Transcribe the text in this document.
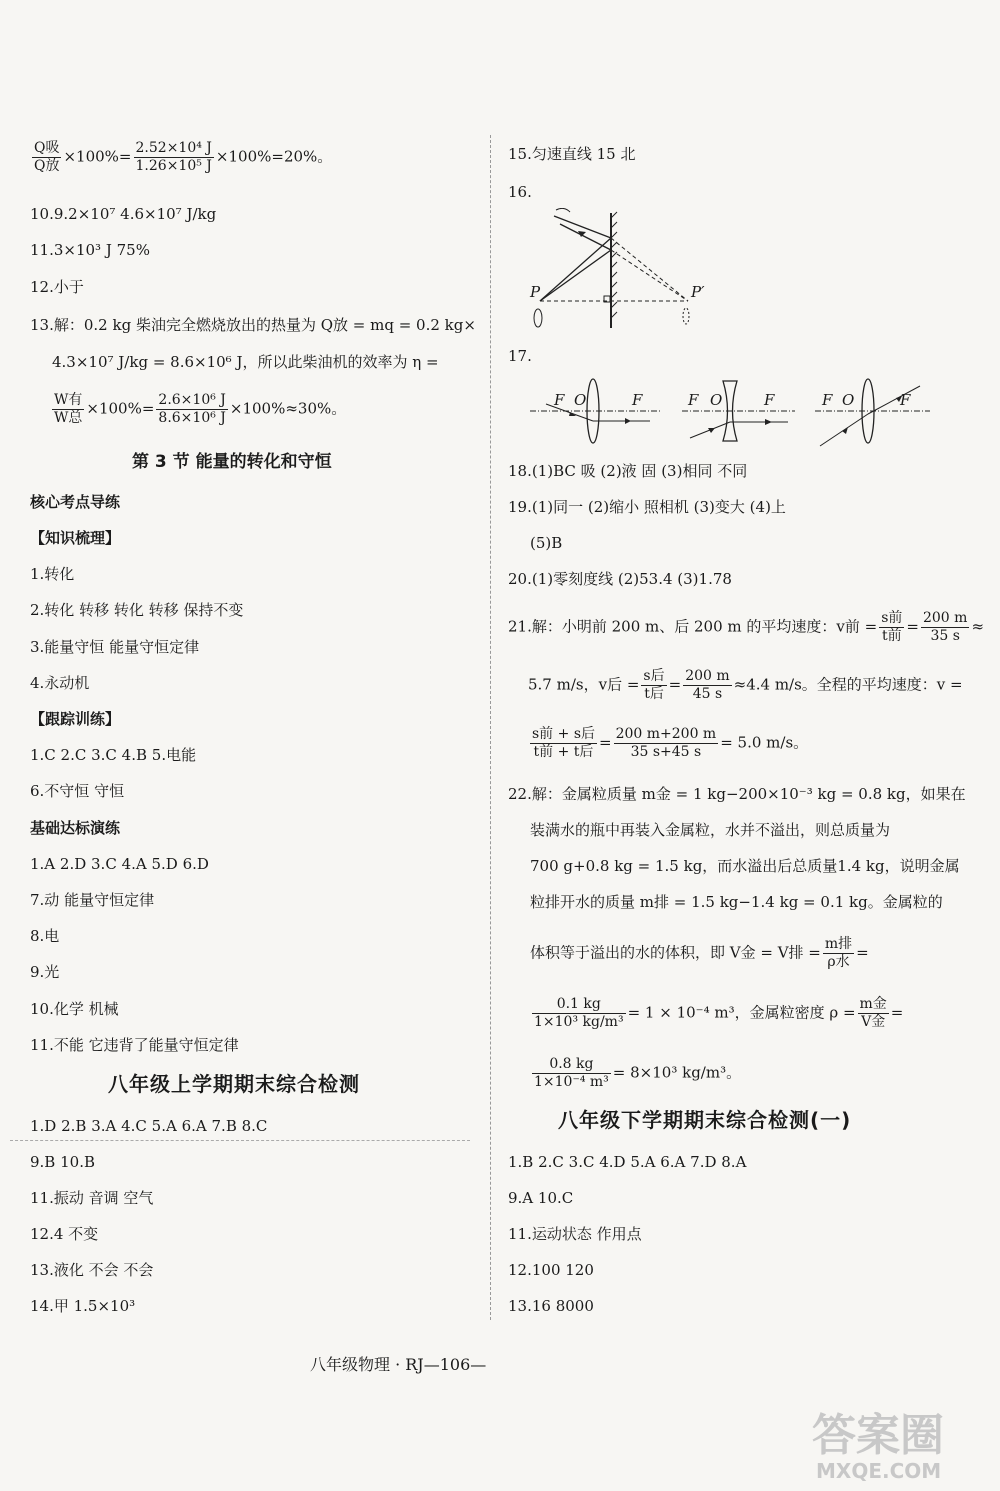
$\frac{\text{Q吸}}{\text{Q放}} \times 100\%= \frac{\text{2.52×10⁴ J}}{\text{1.26×10⁵ J}} \times 100\%=20\%$。
10.9.2×10⁷ 4.6×10⁷ J/kg
11.3×10³ J 75%
12.小于
13.解：0.2 kg 柴油完全燃烧放出的热量为 Q放 = mq = 0.2 kg×
4.3×10⁷ J/kg = 8.6×10⁶ J，所以此柴油机的效率为 η =
$\frac{\text{W有}}{\text{W总}} \times 100\%= \frac{\text{2.6×10⁶ J}}{\text{8.6×10⁶ J}} \times 100\%\approx 30\%$。
第 3 节 能量的转化和守恒
核心考点导练
【知识梳理】
1.转化
2.转化 转移 转化 转移 保持不变
3.能量守恒 能量守恒定律
4.永动机
【跟踪训练】
1.C 2.C 3.C 4.B 5.电能
6.不守恒 守恒
基础达标演练
1.A 2.D 3.C 4.A 5.D 6.D
7.动 能量守恒定律
8.电
9.光
10.化学 机械
11.不能 它违背了能量守恒定律
八年级上学期期末综合检测
1.D 2.B 3.A 4.C 5.A 6.A 7.B 8.C
9.B 10.B
11.振动 音调 空气
12.4 不变
13.液化 不会 不会
14.甲 1.5×10³
15.匀速直线 15 北
16.
P	P′
17.
F O	F	F O	F	F O	F
18.(1)BC 吸 (2)液 固 (3)相同 不同
19.(1)同一 (2)缩小 照相机 (3)变大 (4)上
(5)B
20.(1)零刻度线 (2)53.4 (3)1.78
21.解：小明前 200 m、后 200 m 的平均速度：v前 = $\frac{\text{s前}}{\text{t前}} = \frac{200 m}{35 s}$ ≈
5.7 m/s，v后 = $\frac{\text{s后}}{\text{t后}} = \frac{200 m}{45 s} \approx 4.4$ m/s。全程的平均速度：v =
$\frac{\text{s前 + s后}}{\text{t前 + t后}} = \frac{200 m+200 m}{35 s+45 s} = 5.0$ m/s。
22.解：金属粒质量 m金 = 1 kg−200×10⁻³ kg = 0.8 kg，如果在
装满水的瓶中再装入金属粒，水并不溢出，则总质量为
700 g+0.8 kg = 1.5 kg，而水溢出后总质量1.4 kg，说明金属
粒排开水的质量 m排 = 1.5 kg−1.4 kg = 0.1 kg。金属粒的
体积等于溢出的水的体积，即 V金 = V排 = $\frac{\text{m排}}{\text{ρ水}}$ =
$\frac{0.1 kg}{\text{1×10³ kg/m³}} = 1 \times 10^{-4}$ m³，金属粒密度 $\rho = \frac{\text{m金}}{\text{V金}}$ =
$\frac{0.8 kg}{\text{1×10⁻⁴ m³}} = 8\times 10^3$ kg/m³。
八年级下学期期末综合检测(一)
1.B 2.C 3.C 4.D 5.A 6.A 7.D 8.A
9.A 10.C
11.运动状态 作用点
12.100 120
13.16 8000
八年级物理 · RJ—106—
答案圈
MXQE.COM
